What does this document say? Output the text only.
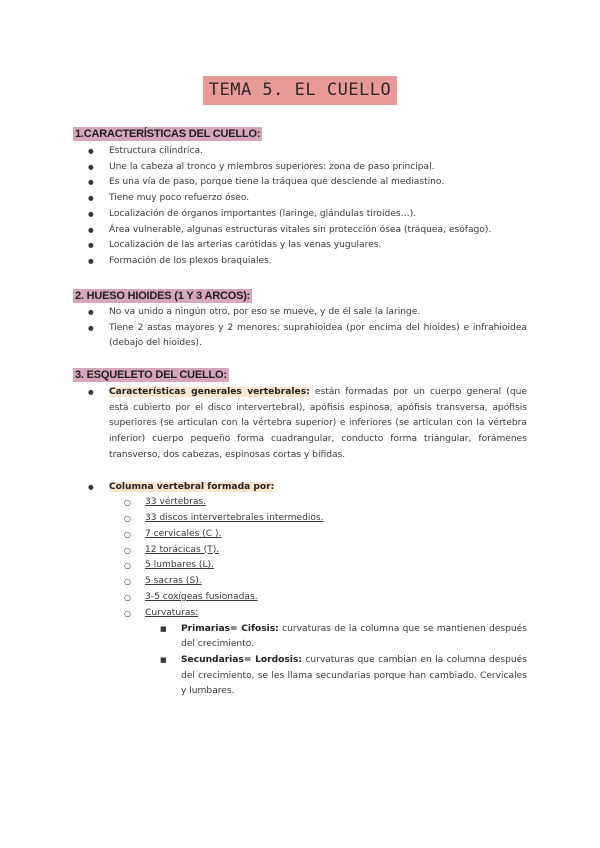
TEMA 5. EL CUELLO
1.CARACTERÍSTICAS DEL CUELLO:
● Estructura cilíndrica.
● Une la cabeza al tronco y miembros superiores: zona de paso principal.
● Es una vía de paso, porque tiene la tráquea que desciende al mediastino.
● Tiene muy poco refuerzo óseo.
● Localización de órganos importantes (laringe, glándulas tiroides…).
● Área vulnerable, algunas estructuras vitales sin protección ósea (tráquea, esófago).
● Localización de las arterias carótidas y las venas yugulares.
● Formación de los plexos braquiales.
2. HUESO HIOIDES (1 Y 3 ARCOS):
● No va unido a ningún otro, por eso se mueve, y de él sale la laringe.
● Tiene 2 astas mayores y 2 menores: suprahioidea (por encima del hioides) e infrahioidea (debajo del hioides).
3. ESQUELETO DEL CUELLO:
● Características generales vertebrales: están formadas por un cuerpo general (que está cubierto por el disco intervertebral), apófisis espinosa, apófisis transversa, apófisis superiores (se articulan con la vértebra superior) e inferiores (se articulan con la vértebra inferior) cuerpo pequeño forma cuadrangular, conducto forma triangular, forámenes transverso, dos cabezas, espinosas cortas y bífidas.
● Columna vertebral formada por:
○ 33 vértebras.
○ 33 discos intervertebrales intermedios.
○ 7 cervicales (C ).
○ 12 torácicas (T).
○ 5 lumbares (L).
○ 5 sacras (S).
○ 3-5 coxígeas fusionadas.
○ Curvaturas:
■ Primarias= Cifosis: curvaturas de la columna que se mantienen después del crecimiento.
■ Secundarias= Lordosis: curvaturas que cambian en la columna después del crecimiento, se les llama secundarias porque han cambiado. Cervicales y lumbares.
